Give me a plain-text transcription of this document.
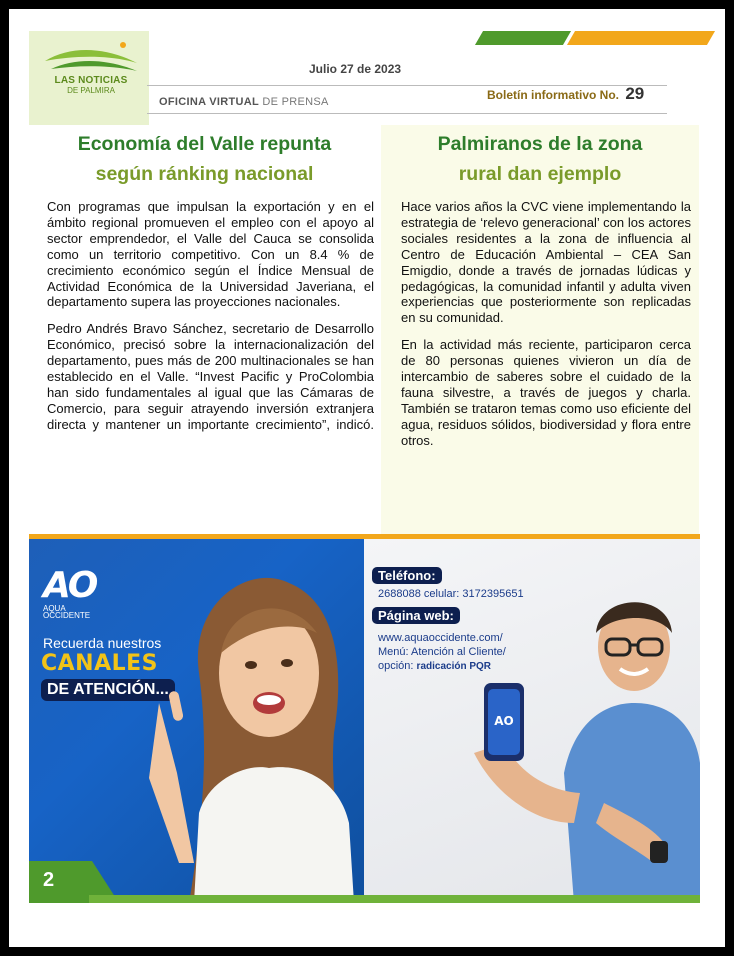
LAS NOTICIAS
DE PALMIRA
Julio 27 de 2023
OFICINA VIRTUAL DE PRENSA	Boletín informativo No. 29
Economía del Valle repunta
según ránking nacional

Con programas que impulsan la exportación y en el ámbito regional promueven el empleo con el apoyo al sector emprendedor, el Valle del Cauca se consolida como un territorio competitivo. Con un 8.4 % de crecimiento económico según el Índice Mensual de Actividad Económica de la Universidad Javeriana, el departamento supera las proyecciones nacionales.

Pedro Andrés Bravo Sánchez, secretario de Desarrollo Económico, precisó sobre la internacionalización del departamento, pues más de 200 multinacionales se han establecido en el Valle. “Invest Pacific y ProColombia han sido fundamentales al igual que las Cámaras de Comercio, para seguir atrayendo inversión extranjera directa y mantener un importante crecimiento”, indicó.

Palmiranos de la zona
rural dan ejemplo

Hace varios años la CVC viene implementando la estrategia de ‘relevo generacional’ con los actores sociales residentes a la zona de influencia al Centro de Educación Ambiental – CEA San Emigdio, donde a través de jornadas lúdicas y pedagógicas, la comunidad infantil y adulta viven experiencias que posteriormente son replicadas en su comunidad.

En la actividad más reciente, participaron cerca de 80 personas quienes vivieron un día de intercambio de saberes sobre el cuidado de la fauna silvestre, a través de juegos y charla. También se trataron temas como uso eficiente del agua, residuos sólidos, biodiversidad y flora entre otros.

AO
AQUA
OCCIDENTE
Recuerda nuestros
CANALES
DE ATENCIÓN...
2
Teléfono:
2688088 celular: 3172395651
Página web:
www.aquaoccidente.com/
Menú: Atención al Cliente/
opción: radicación PQR
AO
